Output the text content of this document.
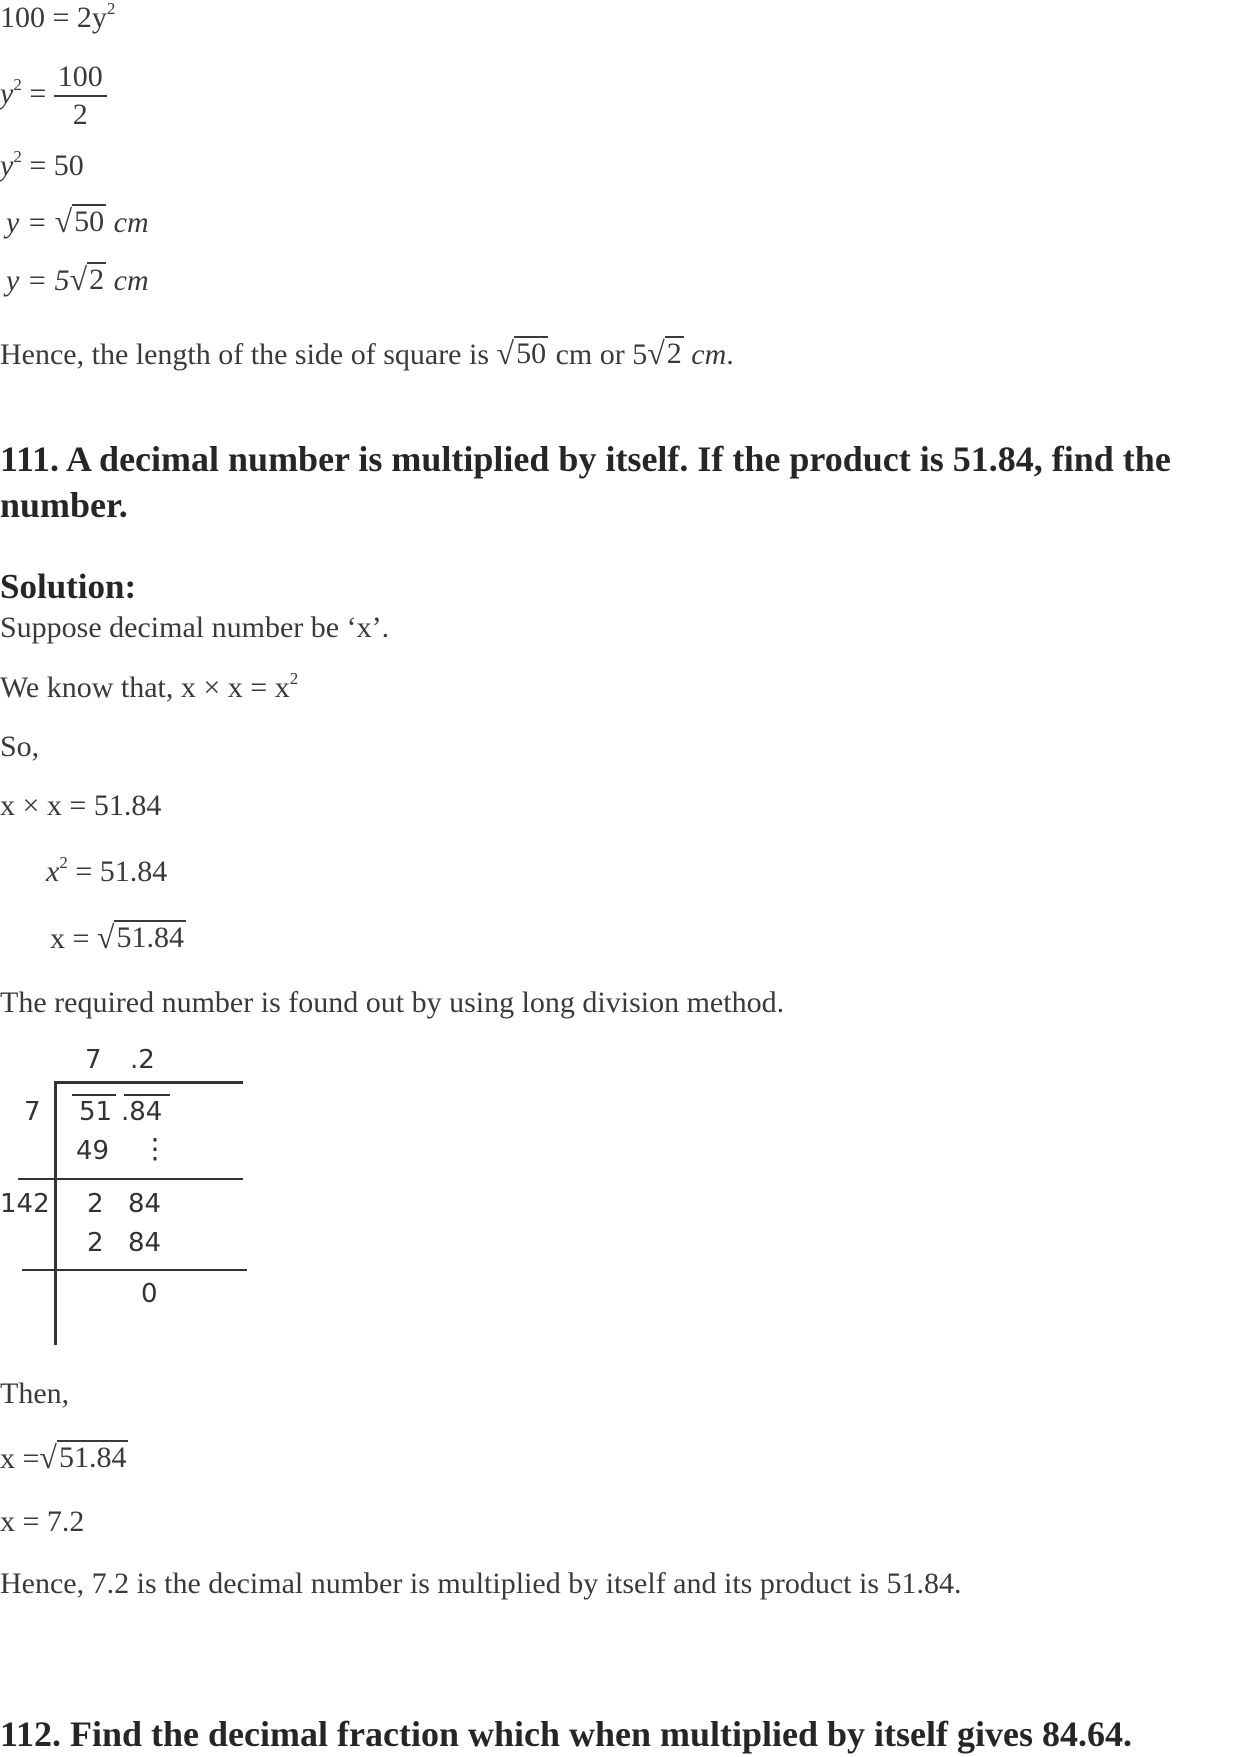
$100 = 2y^2$
$y^2 = \frac{100}{2}$
$y^2 = 50$
y = √ 50 cm
y = 5 √ 2 cm
Hence, the length of the side of square is √ 50 cm or 5 √ 2 cm.
111. A decimal number is multiplied by itself. If the product is 51.84, find the number.
Solution:
Suppose decimal number be ‘x’.
We know that, $x \times x = x^2$
So,
x × x = 51.84
$x^2 = 51.84$
x = √ 51.84
The required number is found out by using long division method.
7 .2
7 51 .84
49 ⋮
142 2 84
2 84
0
Then,
x = √ 51.84
x = 7.2
Hence, 7.2 is the decimal number is multiplied by itself and its product is 51.84.
112. Find the decimal fraction which when multiplied by itself gives 84.64.
